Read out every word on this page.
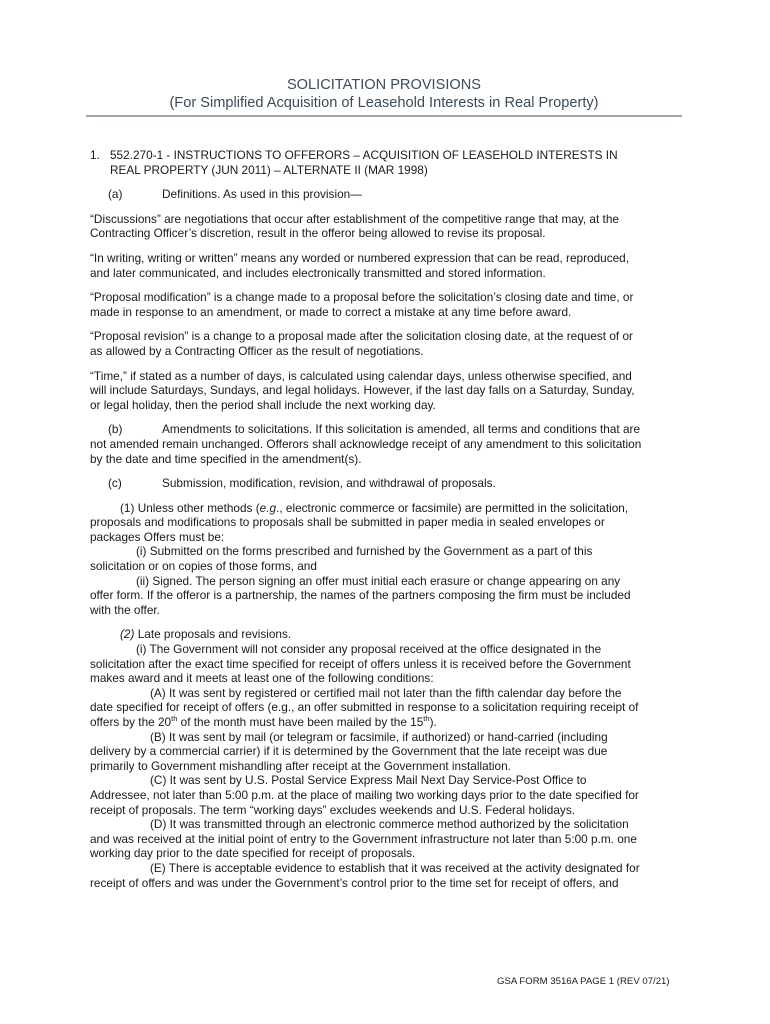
SOLICITATION PROVISIONS
(For Simplified Acquisition of Leasehold Interests in Real Property)
1. 552.270-1 - INSTRUCTIONS TO OFFERORS – ACQUISITION OF LEASEHOLD INTERESTS IN
REAL PROPERTY (JUN 2011) – ALTERNATE II (MAR 1998)
(a)	Definitions. As used in this provision—
“Discussions” are negotiations that occur after establishment of the competitive range that may, at the
Contracting Officer’s discretion, result in the offeror being allowed to revise its proposal.
“In writing, writing or written” means any worded or numbered expression that can be read, reproduced,
and later communicated, and includes electronically transmitted and stored information.
“Proposal modification” is a change made to a proposal before the solicitation’s closing date and time, or
made in response to an amendment, or made to correct a mistake at any time before award.
“Proposal revision” is a change to a proposal made after the solicitation closing date, at the request of or
as allowed by a Contracting Officer as the result of negotiations.
“Time,” if stated as a number of days, is calculated using calendar days, unless otherwise specified, and
will include Saturdays, Sundays, and legal holidays. However, if the last day falls on a Saturday, Sunday,
or legal holiday, then the period shall include the next working day.
(b)	Amendments to solicitations. If this solicitation is amended, all terms and conditions that are
not amended remain unchanged. Offerors shall acknowledge receipt of any amendment to this solicitation
by the date and time specified in the amendment(s).
(c)	Submission, modification, revision, and withdrawal of proposals.
(1) Unless other methods (e.g., electronic commerce or facsimile) are permitted in the solicitation,
proposals and modifications to proposals shall be submitted in paper media in sealed envelopes or
packages Offers must be:
(i) Submitted on the forms prescribed and furnished by the Government as a part of this
solicitation or on copies of those forms, and
(ii) Signed. The person signing an offer must initial each erasure or change appearing on any
offer form. If the offeror is a partnership, the names of the partners composing the firm must be included
with the offer.
(2) Late proposals and revisions.
(i) The Government will not consider any proposal received at the office designated in the
solicitation after the exact time specified for receipt of offers unless it is received before the Government
makes award and it meets at least one of the following conditions:
(A) It was sent by registered or certified mail not later than the fifth calendar day before the
date specified for receipt of offers (e.g., an offer submitted in response to a solicitation requiring receipt of
offers by the 20th of the month must have been mailed by the 15th).
(B) It was sent by mail (or telegram or facsimile, if authorized) or hand-carried (including
delivery by a commercial carrier) if it is determined by the Government that the late receipt was due
primarily to Government mishandling after receipt at the Government installation.
(C) It was sent by U.S. Postal Service Express Mail Next Day Service-Post Office to
Addressee, not later than 5:00 p.m. at the place of mailing two working days prior to the date specified for
receipt of proposals. The term “working days” excludes weekends and U.S. Federal holidays.
(D) It was transmitted through an electronic commerce method authorized by the solicitation
and was received at the initial point of entry to the Government infrastructure not later than 5:00 p.m. one
working day prior to the date specified for receipt of proposals.
(E) There is acceptable evidence to establish that it was received at the activity designated for
receipt of offers and was under the Government’s control prior to the time set for receipt of offers, and
GSA FORM 3516A PAGE 1 (REV 07/21)
